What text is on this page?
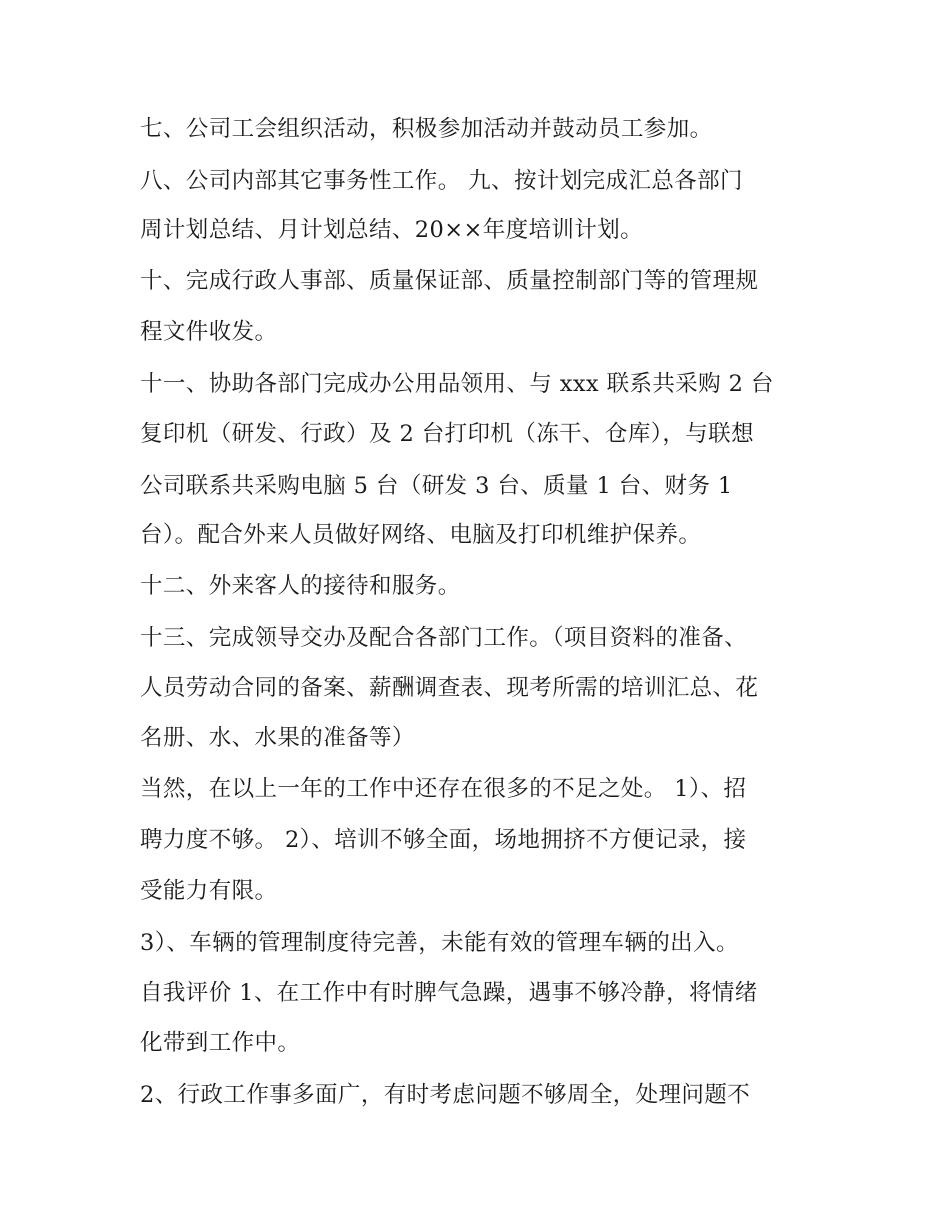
七、公司工会组织活动，积极参加活动并鼓动员工参加。
八、公司内部其它事务性工作。 九、按计划完成汇总各部门
周计划总结、月计划总结、20××年度培训计划。
十、完成行政人事部、质量保证部、质量控制部门等的管理规
程文件收发。
十一、协助各部门完成办公用品领用、与 xxx 联系共采购 2 台
复印机（研发、行政）及 2 台打印机（冻干、仓库），与联想
公司联系共采购电脑 5 台（研发 3 台、质量 1 台、财务 1
台）。配合外来人员做好网络、电脑及打印机维护保养。
十二、外来客人的接待和服务。
十三、完成领导交办及配合各部门工作。（项目资料的准备、
人员劳动合同的备案、薪酬调查表、现考所需的培训汇总、花
名册、水、水果的准备等）
当然，在以上一年的工作中还存在很多的不足之处。 1）、招
聘力度不够。 2）、培训不够全面，场地拥挤不方便记录，接
受能力有限。
3）、车辆的管理制度待完善，未能有效的管理车辆的出入。
自我评价 1、在工作中有时脾气急躁，遇事不够冷静，将情绪
化带到工作中。
2、行政工作事多面广，有时考虑问题不够周全，处理问题不
